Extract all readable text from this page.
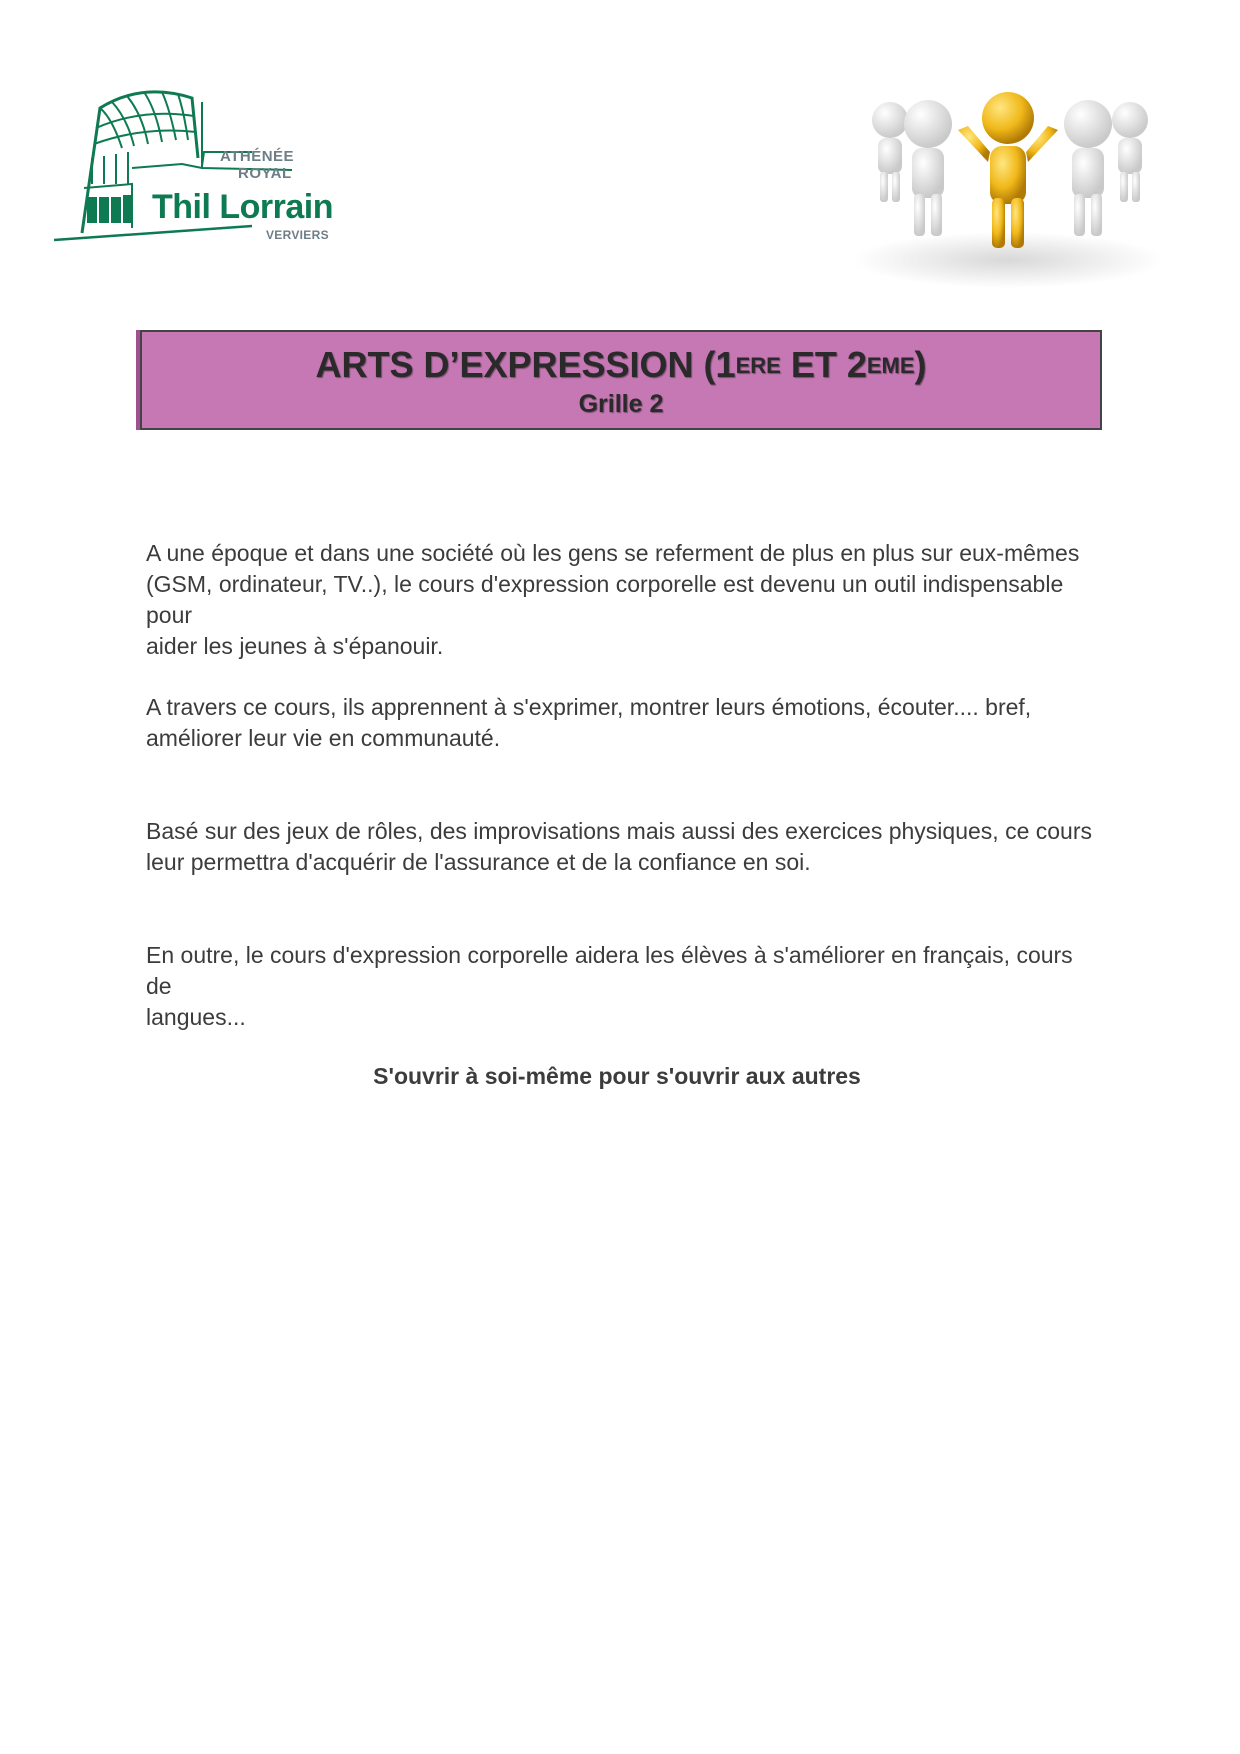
ATHÉNÉE
ROYAL
Thil Lorrain
VERVIERS
ARTS D’EXPRESSION (1ERE ET 2EME)
Grille 2

A une époque et dans une société où les gens se referment de plus en plus sur eux-mêmes

(GSM, ordinateur, TV..), le cours d'expression corporelle est devenu un outil indispensable pour

aider les jeunes à s'épanouir.

A travers ce cours, ils apprennent à s'exprimer, montrer leurs émotions, écouter.... bref,

améliorer leur vie en communauté.

Basé sur des jeux de rôles, des improvisations mais aussi des exercices physiques, ce cours

leur permettra d'acquérir de l'assurance et de la confiance en soi.

En outre, le cours d'expression corporelle aidera les élèves à s'améliorer en français, cours de

langues...

S'ouvrir à soi-même pour s'ouvrir aux autres
